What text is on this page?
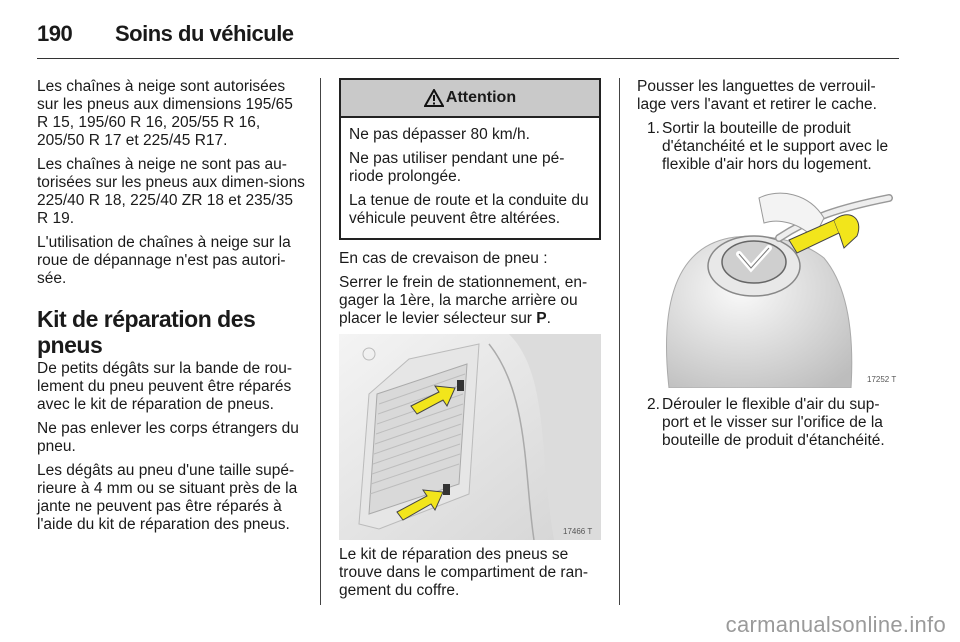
190 Soins du véhicule

Les chaînes à neige sont autorisées sur les pneus aux dimensions 195/65 R 15, 195/60 R 16, 205/55 R 16, 205/50 R 17 et 225/45 R17.

Les chaînes à neige ne sont pas au-torisées sur les pneus aux dimen-sions 225/40 R 18, 225/40 ZR 18 et 235/35 R 19.

L'utilisation de chaînes à neige sur la roue de dépannage n'est pas autori-sée.

Kit de réparation des pneus

De petits dégâts sur la bande de rou-lement du pneu peuvent être réparés avec le kit de réparation de pneus.

Ne pas enlever les corps étrangers du pneu.

Les dégâts au pneu d'une taille supé-rieure à 4 mm ou se situant près de la jante ne peuvent pas être réparés à l'aide du kit de réparation des pneus.

Attention

Ne pas dépasser 80 km/h.

Ne pas utiliser pendant une pé-riode prolongée.

La tenue de route et la conduite du véhicule peuvent être altérées.

En cas de crevaison de pneu :

Serrer le frein de stationnement, en-gager la 1ère, la marche arrière ou placer le levier sélecteur sur P.

17466 T

Le kit de réparation des pneus se trouve dans le compartiment de ran-gement du coffre.

Pousser les languettes de verrouil-lage vers l'avant et retirer le cache.

1. Sortir la bouteille de produit d'étanchéité et le support avec le flexible d'air hors du logement.
17252 T
2. Dérouler le flexible d'air du sup-port et le visser sur l'orifice de la bouteille de produit d'étanchéité.
carmanualsonline.info
